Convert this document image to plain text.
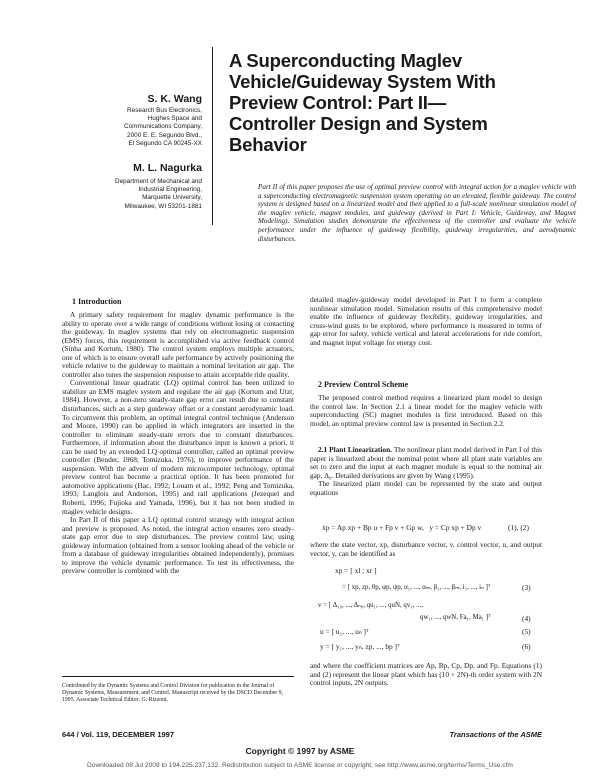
A Superconducting Maglev
Vehicle/Guideway System With
Preview Control: Part II—
Controller Design and System
Behavior
S. K. Wang
Research Bus Electronics,
Hughes Space and
Communications Company,
2000 E. E. Segundo Blvd.,
El Segundo CA 90245-XX
M. L. Nagurka
Department of Mechanical and
Industrial Engineering,
Marquette University,
Milwaukee, WI 53201-1881
Part II of this paper proposes the use of optimal preview control with integral action for a maglev vehicle with a superconducting electromagnetic suspension system operating on an elevated, flexible guideway. The control system is designed based on a linearized model and then applied to a full-scale nonlinear simulation model of the maglev vehicle, magnet modules, and guideway (derived in Part I: Vehicle, Guideway, and Magnet Modeling). Simulation studies demonstrate the effectiveness of the controller and evaluate the vehicle performance under the influence of guideway flexibility, guideway irregularities, and aerodynamic disturbances.
1 Introduction

A primary safety requirement for maglev dynamic performance is the ability to operate over a wide range of conditions without losing or contacting the guideway. In maglev systems that rely on electromagnetic suspension (EMS) forces, this requirement is accomplished via active feedback control (Sinha and Kortum, 1980). The control system employs multiple actuators, one of which is to ensure overall safe performance by actively positioning the vehicle relative to the guideway to maintain a nominal levitation air gap. The controller also tunes the suspension response to attain acceptable ride quality.

Conventional linear quadratic (LQ) optimal control has been utilized to stabilize an EMS maglev system and regulate the air gap (Kortum and Utzt, 1984). However, a non-zero steady-state gap error can result due to constant disturbances, such as a step guideway offset or a constant aerodynamic load. To circumvent this problem, an optimal integral control technique (Anderson and Moore, 1990) can be applied in which integrators are inserted in the controller to eliminate steady-state errors due to constant disturbances. Furthermore, if information about the disturbance input is known a priori, it can be used by an extended LQ optimal controller, called an optimal preview controller (Bender, 1968; Tomizuka, 1976), to improve performance of the suspension. With the advent of modern microcomputer technology, optimal preview control has become a practical option. It has been promoted for automotive applications (Hac, 1992; Louam et al., 1992; Peng and Tomizuka, 1993; Langlois and Anderson, 1995) and rail applications (Jezequel and Roberti, 1996; Fujioka and Yamada, 1996), but it has not been studied in maglev vehicle designs.

In Part II of this paper a LQ optimal control strategy with integral action and preview is proposed. As noted, the integral action ensures zero steady-state gap error due to step disturbances. The preview control law, using guideway information (obtained from a sensor looking ahead of the vehicle or from a database of guideway irregularities obtained independently), promises to improve the vehicle dynamic performance. To test its effectiveness, the preview controller is combined with the

Contributed by the Dynamic Systems and Control Division for publication in the Journal of Dynamic Systems, Measurement, and Control. Manuscript received by the DSCD December 9, 1995. Associate Technical Editor: G. Rizzoni.

detailed maglev-guideway model developed in Part I to form a complete nonlinear simulation model. Simulation results of this comprehensive model enable the influence of guideway flexibility, guideway irregularities, and cross-wind gusts to be explored, where performance is measured in terms of gap error for safety, vehicle vertical and lateral accelerations for ride comfort, and magnet input voltage for energy cost.

2 Preview Control Scheme

The proposed control method requires a linearized plant model to design the control law. In Section 2.1 a linear model for the maglev vehicle with superconducting (SC) magnet modules is first introduced. Based on this model, an optimal preview control law is presented in Section 2.2.

2.1 Plant Linearization. The nonlinear plant model derived in Part I of this paper is linearized about the nominal point where all plant state variables are set to zero and the input at each magnet module is equal to the nominal air gap, Δ₀. Detailed derivations are given by Wang (1995).

The linearized plant model can be represented by the state and output equations

ẋp = Ap xp + Bp u + Fp v + Gp w,   y = Cp xp + Dp v	(1), (2)

where the state vector, xp, disturbance vector, v, control vector, u, and output vector, y, can be identified as

xp = [ xl ; xr ]
= [ xp, zp, θp, φp, ψp, α₁, ..., αₘ, β₁, ..., βₘ, i₁, ..., iₙ ]ᵀ	(3)
v = [ Δ₁₀, ..., Δₙ₀, qu₁, ..., quN, qv₁, ...,
qw₁, ..., qwN, Fa₁, Ma₁ ]ᵀ	(4)
u = [ u₁, ..., uₙ ]ᵀ	(5)
y = [ y₁, ..., yₙ, zp, ..., bp ]ᵀ	(6)

and where the coefficient matrices are Ap, Bp, Cp, Dp, and Fp. Equations (1) and (2) represent the linear plant which has (10 + 2N)-th order system with 2N control inputs, 2N outputs.

644 / Vol. 119, DECEMBER 1997	Transactions of the ASME
Copyright © 1997 by ASME
Downloaded 08 Jul 2008 to 194.225.237.132. Redistribution subject to ASME license or copyright; see http://www.asme.org/terms/Terms_Use.cfm
